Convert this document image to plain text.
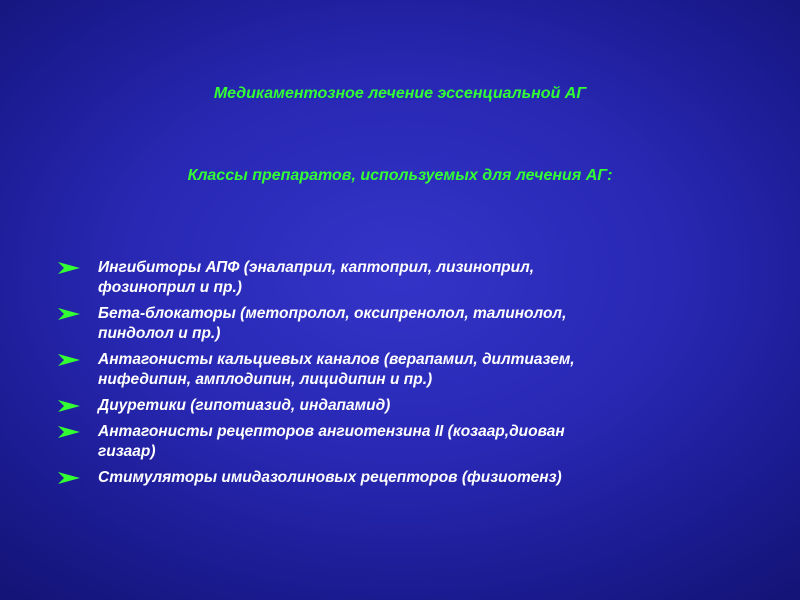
Медикаментозное лечение эссенциальной АГ
Классы препаратов, используемых для лечения АГ:
Ингибиторы АПФ (эналаприл, каптоприл, лизиноприл,
фозиноприл и пр.)
Бета-блокаторы (метопролол, оксипренолол, талинолол,
пиндолол и пр.)
Антагонисты кальциевых каналов (верапамил, дилтиазем,
нифедипин, амплодипин, лицидипин и пр.)
Диуретики (гипотиазид, индапамид)
Антагонисты рецепторов ангиотензина II (козаар,диован
гизаар)
Стимуляторы имидазолиновых рецепторов (физиотенз)
